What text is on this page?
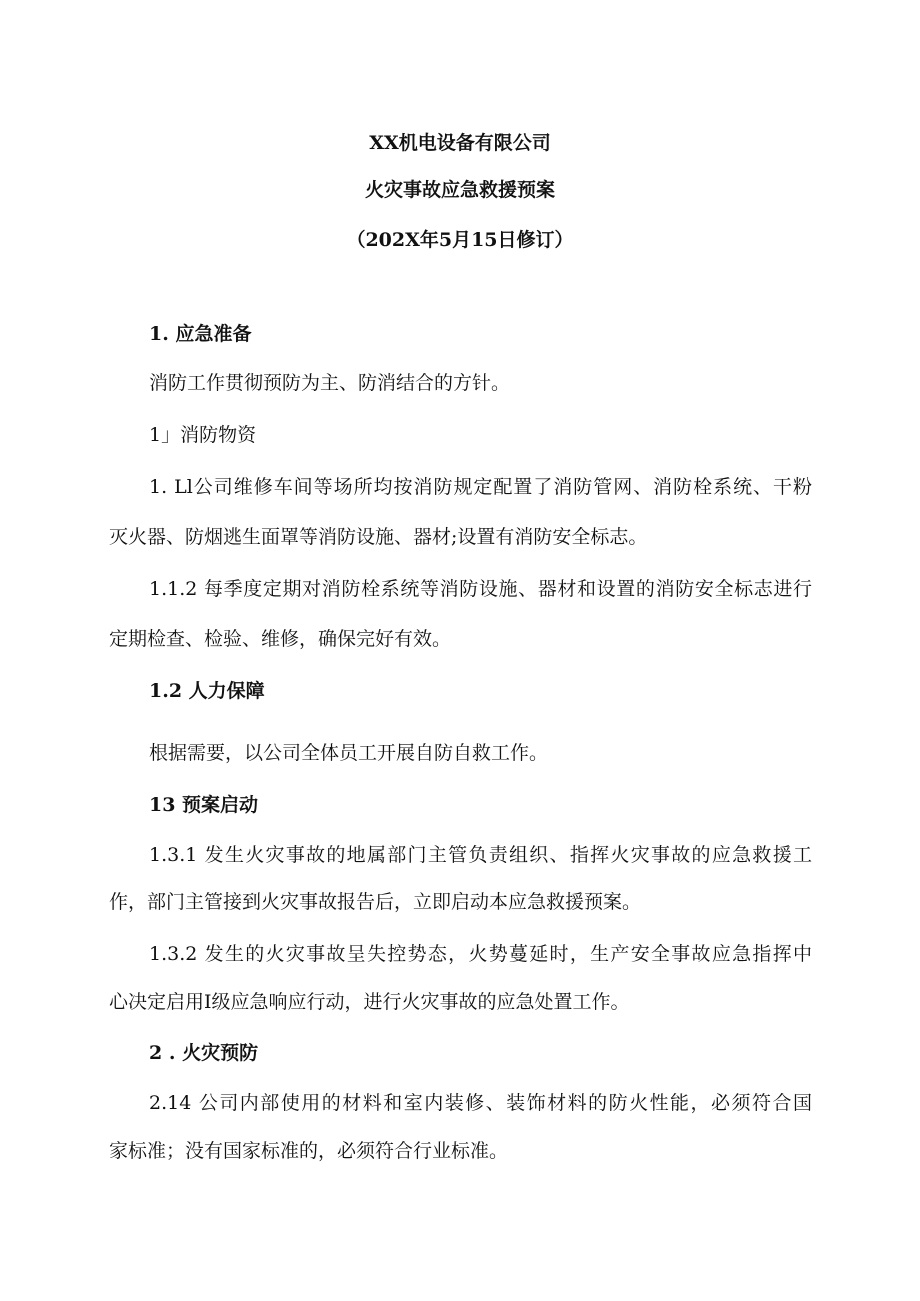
XX机电设备有限公司
火灾事故应急救援预案
（202X年5月15日修订）
1. 应急准备
消防工作贯彻预防为主、防消结合的方针。
1」消防物资
1. Ll公司维修车间等场所均按消防规定配置了消防管网、消防栓系统、干粉
灭火器、防烟逃生面罩等消防设施、器材;设置有消防安全标志。
1.1.2 每季度定期对消防栓系统等消防设施、器材和设置的消防安全标志进行
定期检查、检验、维修，确保完好有效。
1.2 人力保障
根据需要，以公司全体员工开展自防自救工作。
13 预案启动
1.3.1 发生火灾事故的地属部门主管负责组织、指挥火灾事故的应急救援工
作，部门主管接到火灾事故报告后，立即启动本应急救援预案。
1.3.2 发生的火灾事故呈失控势态，火势蔓延时，生产安全事故应急指挥中
心决定启用Ⅰ级应急响应行动，进行火灾事故的应急处置工作。
2 . 火灾预防
2.14 公司内部使用的材料和室内装修、装饰材料的防火性能，必须符合国
家标准；没有国家标准的，必须符合行业标准。
